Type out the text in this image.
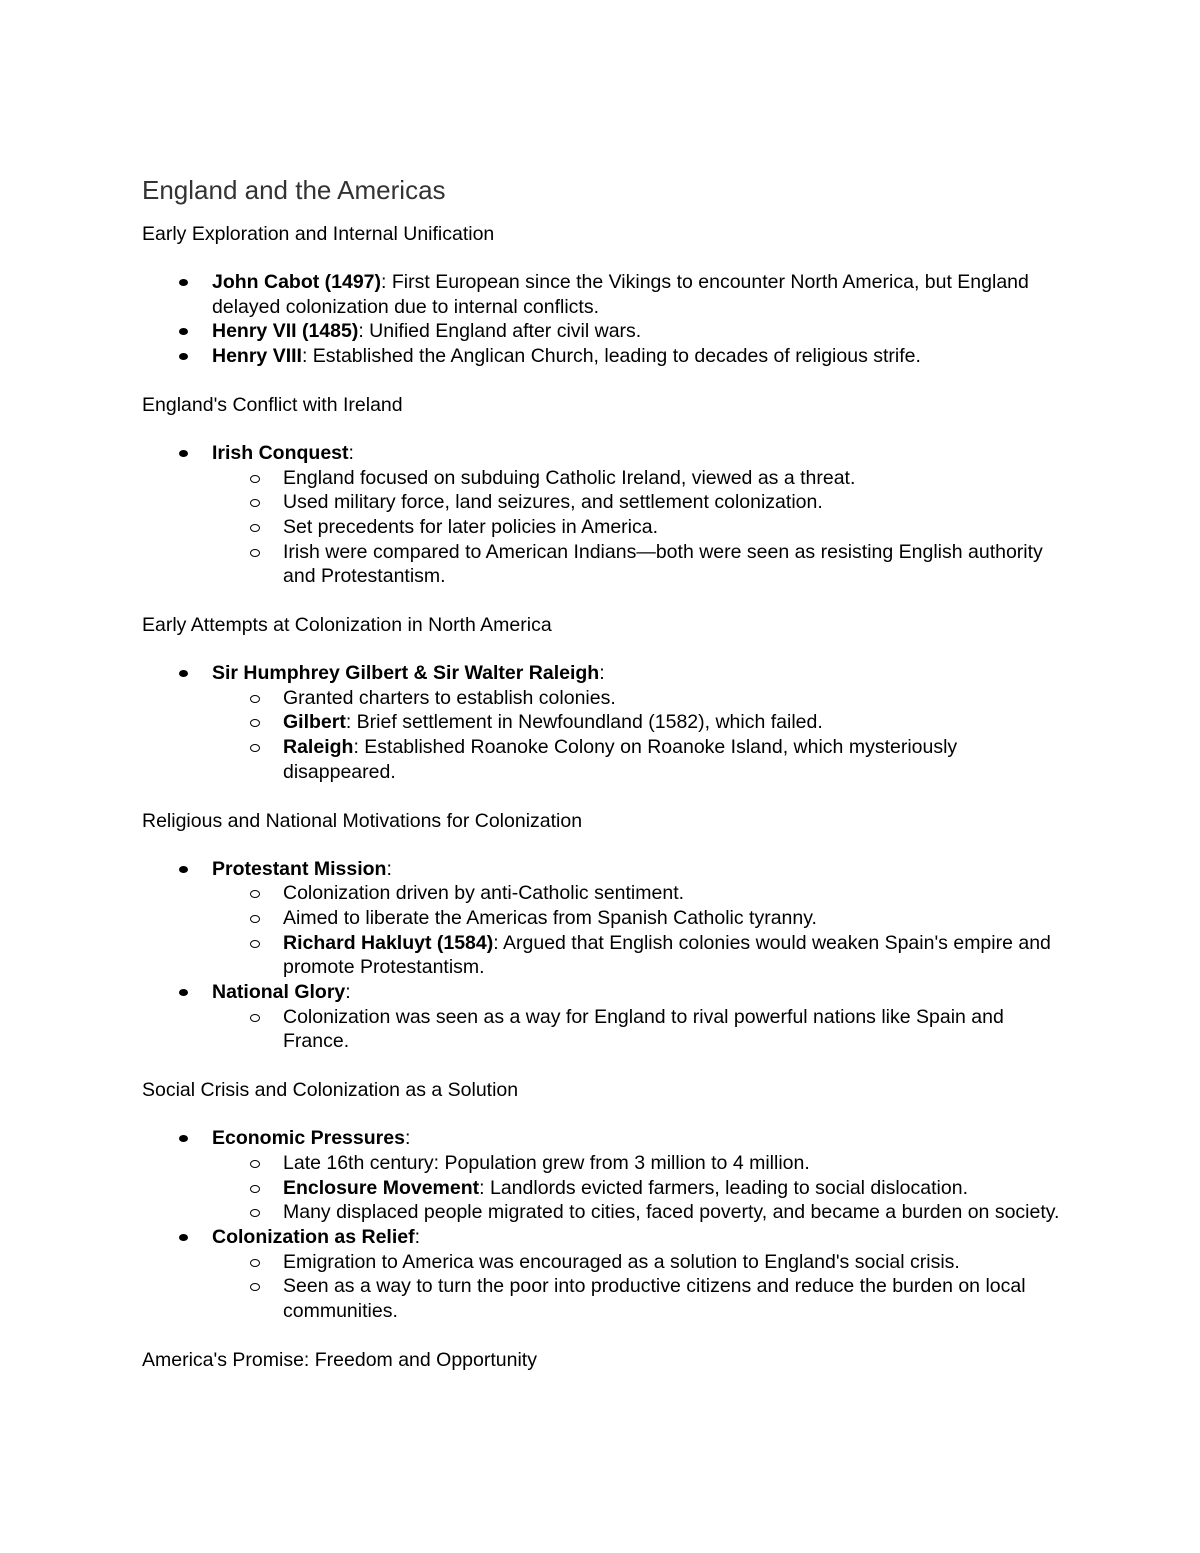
England and the Americas
Early Exploration and Internal Unification
John Cabot (1497): First European since the Vikings to encounter North America, but England delayed colonization due to internal conflicts.
Henry VII (1485): Unified England after civil wars.
Henry VIII: Established the Anglican Church, leading to decades of religious strife.
England's Conflict with Ireland
Irish Conquest:
England focused on subduing Catholic Ireland, viewed as a threat.
Used military force, land seizures, and settlement colonization.
Set precedents for later policies in America.
Irish were compared to American Indians—both were seen as resisting English authority and Protestantism.
Early Attempts at Colonization in North America
Sir Humphrey Gilbert & Sir Walter Raleigh:
Granted charters to establish colonies.
Gilbert: Brief settlement in Newfoundland (1582), which failed.
Raleigh: Established Roanoke Colony on Roanoke Island, which mysteriously disappeared.
Religious and National Motivations for Colonization
Protestant Mission:
Colonization driven by anti-Catholic sentiment.
Aimed to liberate the Americas from Spanish Catholic tyranny.
Richard Hakluyt (1584): Argued that English colonies would weaken Spain's empire and promote Protestantism.
National Glory:
Colonization was seen as a way for England to rival powerful nations like Spain and France.
Social Crisis and Colonization as a Solution
Economic Pressures:
Late 16th century: Population grew from 3 million to 4 million.
Enclosure Movement: Landlords evicted farmers, leading to social dislocation.
Many displaced people migrated to cities, faced poverty, and became a burden on society.
Colonization as Relief:
Emigration to America was encouraged as a solution to England's social crisis.
Seen as a way to turn the poor into productive citizens and reduce the burden on local communities.
America's Promise: Freedom and Opportunity
